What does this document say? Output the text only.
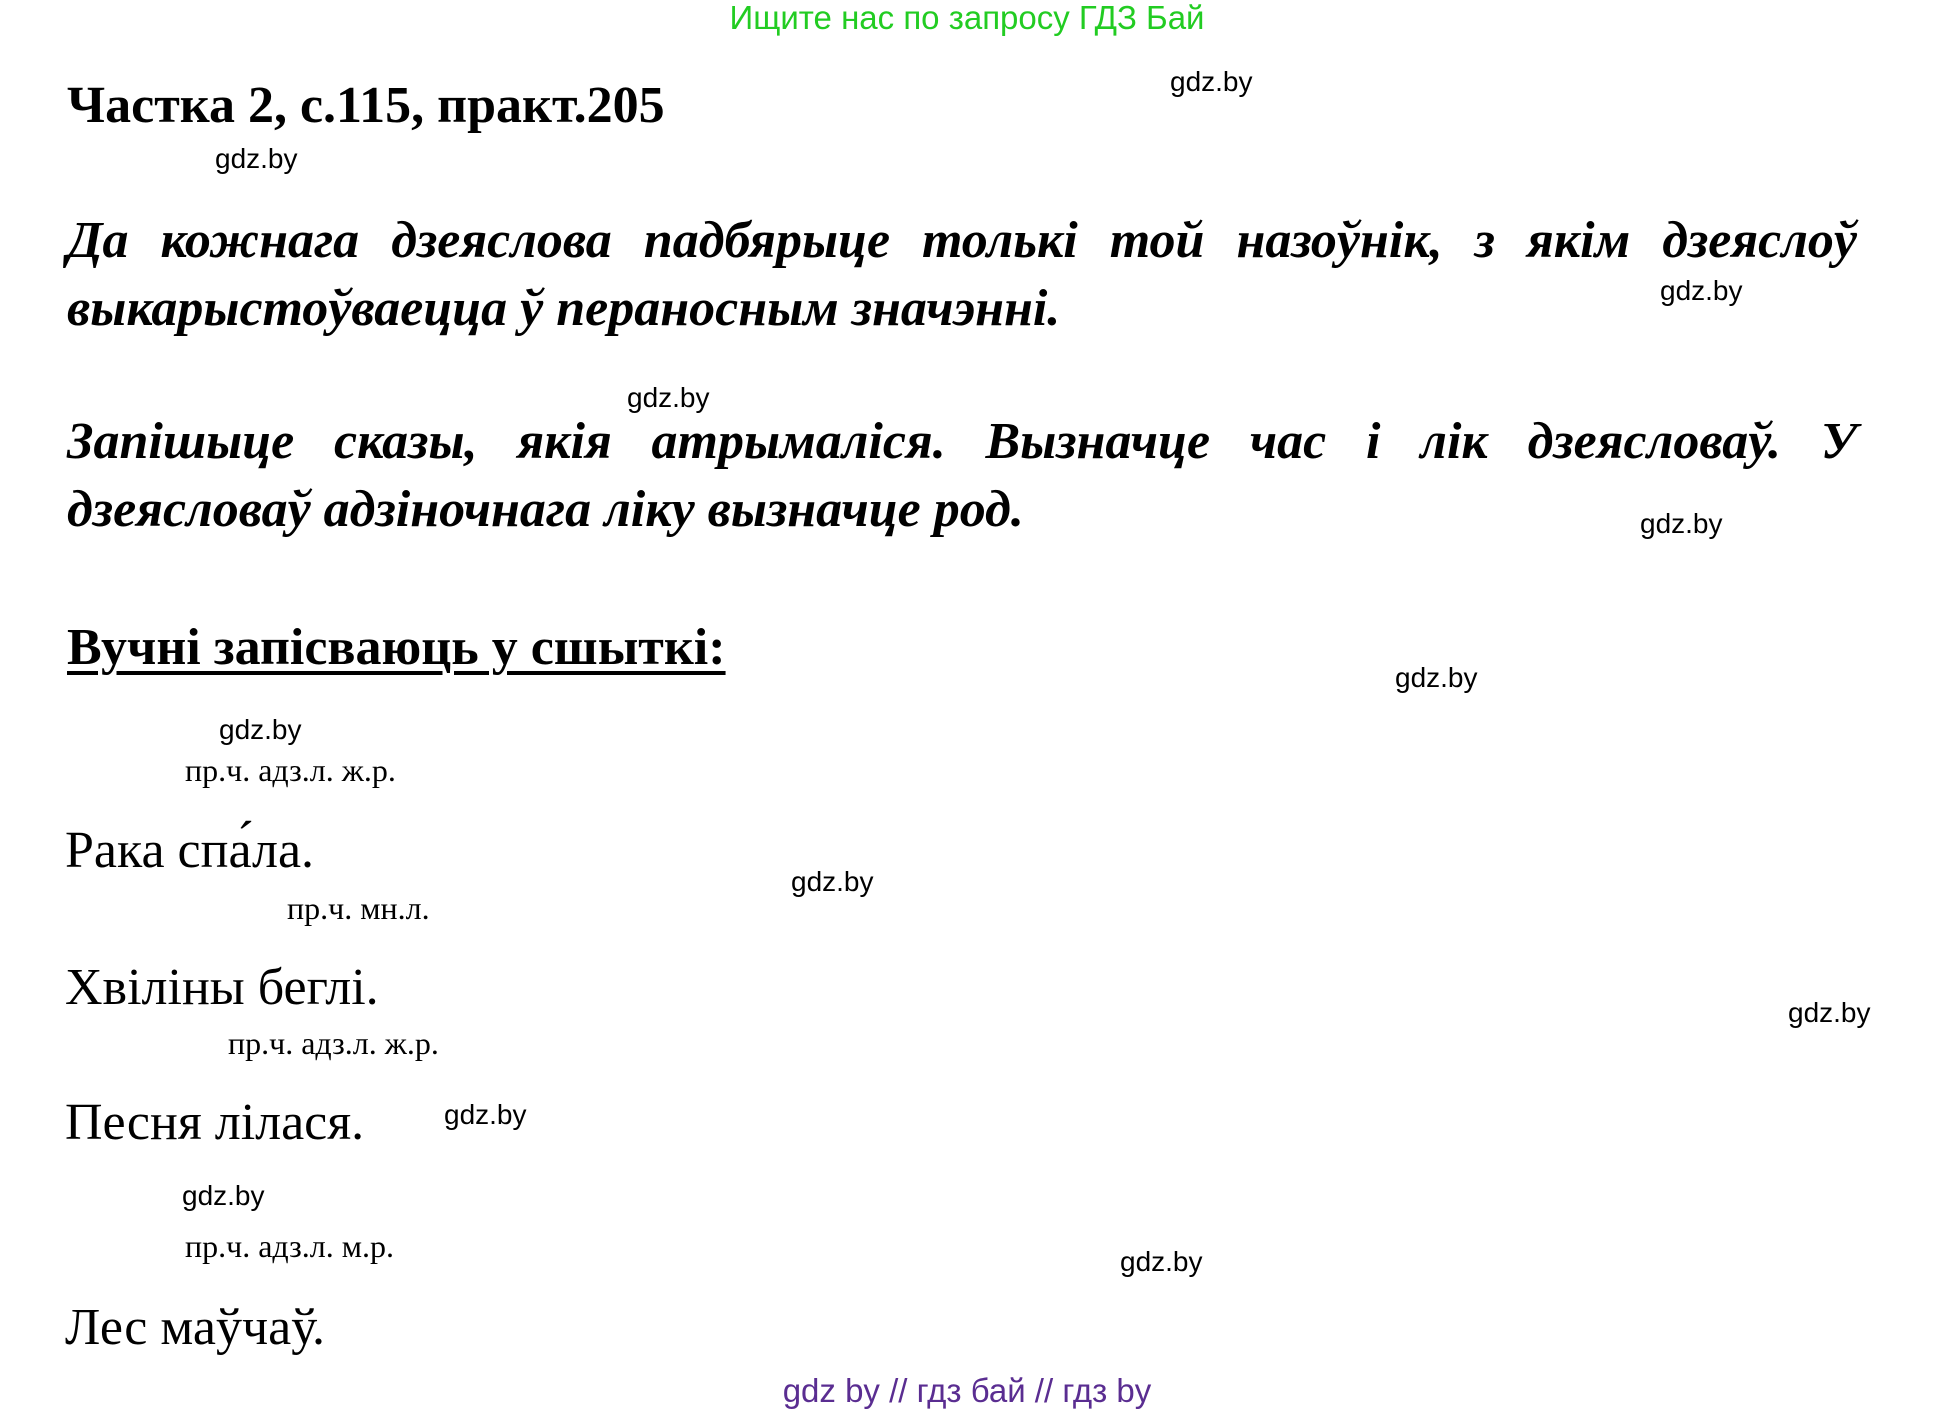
Ищите нас по запросу ГДЗ Бай
Частка 2, с.115, практ.205
Да кожнага дзеяслова падбярыце толькі той назоўнік, з якім дзеяслоў выкарыстоўваецца ў пераносным значэнні.
Запішыце сказы, якія атрымаліся. Вызначце час і лік дзеясловаў. У дзеясловаў адзіночнага ліку вызначце род.
Вучні запісваюць у сшыткі:
пр.ч. адз.л. ж.р.
Рака спа́ла.
пр.ч. мн.л.
Хвіліны беглі.
пр.ч. адз.л. ж.р.
Песня лілася.
пр.ч. адз.л. м.р.
Лес маўчаў.
gdz.by
gdz.by
gdz.by
gdz.by
gdz.by
gdz.by
gdz.by
gdz.by
gdz.by
gdz.by
gdz.by
gdz.by
gdz by // гдз бай // гдз by
